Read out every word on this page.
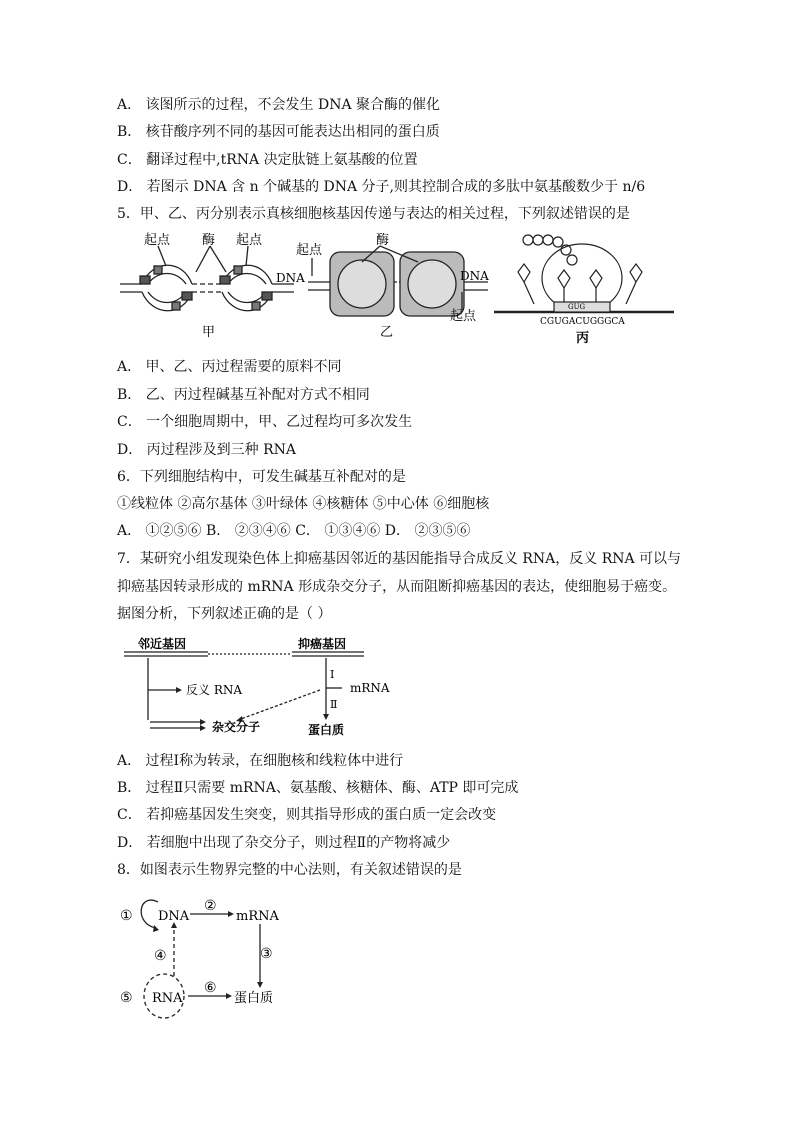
A． 该图所示的过程，不会发生 DNA 聚合酶的催化
B． 核苷酸序列不同的基因可能表达出相同的蛋白质
C． 翻译过程中,tRNA 决定肽链上氨基酸的位置
D． 若图示 DNA 含 n 个碱基的 DNA 分子,则其控制合成的多肽中氨基酸数少于 n/6
5．甲、乙、丙分别表示真核细胞核基因传递与表达的相关过程，下列叙述错误的是
起点 酶 起点
甲
起点
酶
DNA	DNA
起点
乙
GUG
CGUGACUGGGCA
丙
A． 甲、乙、丙过程需要的原料不同
B． 乙、丙过程碱基互补配对方式不相同
C． 一个细胞周期中，甲、乙过程均可多次发生
D． 丙过程涉及到三种 RNA
6．下列细胞结构中，可发生碱基互补配对的是
①线粒体 ②高尔基体 ③叶绿体 ④核糖体 ⑤中心体 ⑥细胞核
A． ①②⑤⑥ B． ②③④⑥ C． ①③④⑥ D． ②③⑤⑥
7．某研究小组发现染色体上抑癌基因邻近的基因能指导合成反义 RNA，反义 RNA 可以与
抑癌基因转录形成的 mRNA 形成杂交分子，从而阻断抑癌基因的表达，使细胞易于癌变。
据图分析，下列叙述正确的是（ ）
邻近基因	抑癌基因
反义 RNA
Ⅰ
mRNA
Ⅱ
杂交分子	蛋白质
A． 过程Ⅰ称为转录，在细胞核和线粒体中进行
B． 过程Ⅱ只需要 mRNA、氨基酸、核糖体、酶、ATP 即可完成
C． 若抑癌基因发生突变，则其指导形成的蛋白质一定会改变
D． 若细胞中出现了杂交分子，则过程Ⅱ的产物将减少
8．如图表示生物界完整的中心法则，有关叙述错误的是
① DNA
②
mRNA
③
④
⑤ RNA
⑥
蛋白质
